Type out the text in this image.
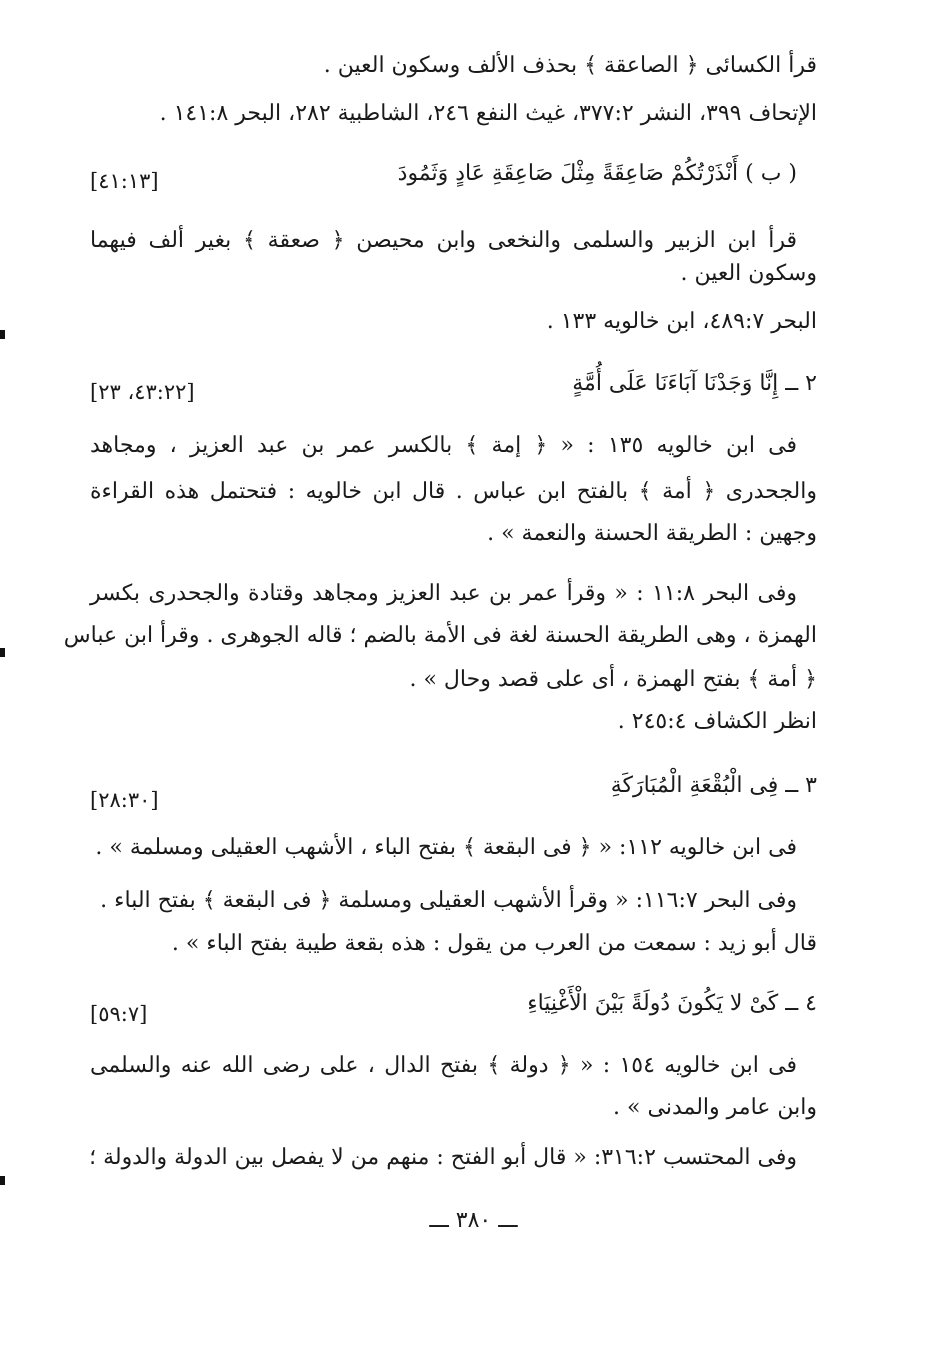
قرأ الكسائى ﴿ الصاعقة ﴾ بحذف الألف وسكون العين .
الإتحاف ٣٩٩، النشر ٣٧٧:٢، غيث النفع ٢٤٦، الشاطبية ٢٨٢، البحر ١٤١:٨ .
( ب ) أَنْذَرْتُكُمْ صَاعِقَةً مِثْلَ صَاعِقَةِ عَادٍ وَثَمُودَ
[٤١:١٣]
قرأ ابن الزبير والسلمى والنخعى وابن محيصن ﴿ صعقة ﴾ بغير ألف فيهما
وسكون العين .
البحر ٤٨٩:٧، ابن خالويه ١٣٣ .
٢ ــ إِنَّا وَجَدْنَا آبَاءَنَا عَلَى أُمَّةٍ
[٤٣:٢٢، ٢٣]
فى ابن خالويه ١٣٥ : « ﴿ إمة ﴾ بالكسر عمر بن عبد العزيز ، ومجاهد
والجحدرى ﴿ أمة ﴾ بالفتح ابن عباس . قال ابن خالويه : فتحتمل هذه القراءة
وجهين : الطريقة الحسنة والنعمة » .
وفى البحر ١١:٨ : « وقرأ عمر بن عبد العزيز ومجاهد وقتادة والجحدرى بكسر
الهمزة ، وهى الطريقة الحسنة لغة فى الأمة بالضم ؛ قاله الجوهرى . وقرأ ابن عباس
﴿ أمة ﴾ بفتح الهمزة ، أى على قصد وحال » .
انظر الكشاف ٢٤٥:٤ .
٣ ــ فِى الْبُقْعَةِ الْمُبَارَكَةِ
[٢٨:٣٠]
فى ابن خالويه ١١٢: « ﴿ فى البقعة ﴾ بفتح الباء ، الأشهب العقيلى ومسلمة » .
وفى البحر ١١٦:٧: « وقرأ الأشهب العقيلى ومسلمة ﴿ فى البقعة ﴾ بفتح الباء .
قال أبو زيد : سمعت من العرب من يقول : هذه بقعة طيبة بفتح الباء » .
٤ ــ كَىْ لا يَكُونَ دُولَةً بَيْنَ الْأَغْنِيَاءِ
[٥٩:٧]
فى ابن خالويه ١٥٤ : « ﴿ دولة ﴾ بفتح الدال ، على رضى الله عنه والسلمى
وابن عامر والمدنى » .
وفى المحتسب ٣١٦:٢: « قال أبو الفتح : منهم من لا يفصل بين الدولة والدولة ؛
ـــ ٣٨٠ ـــ
